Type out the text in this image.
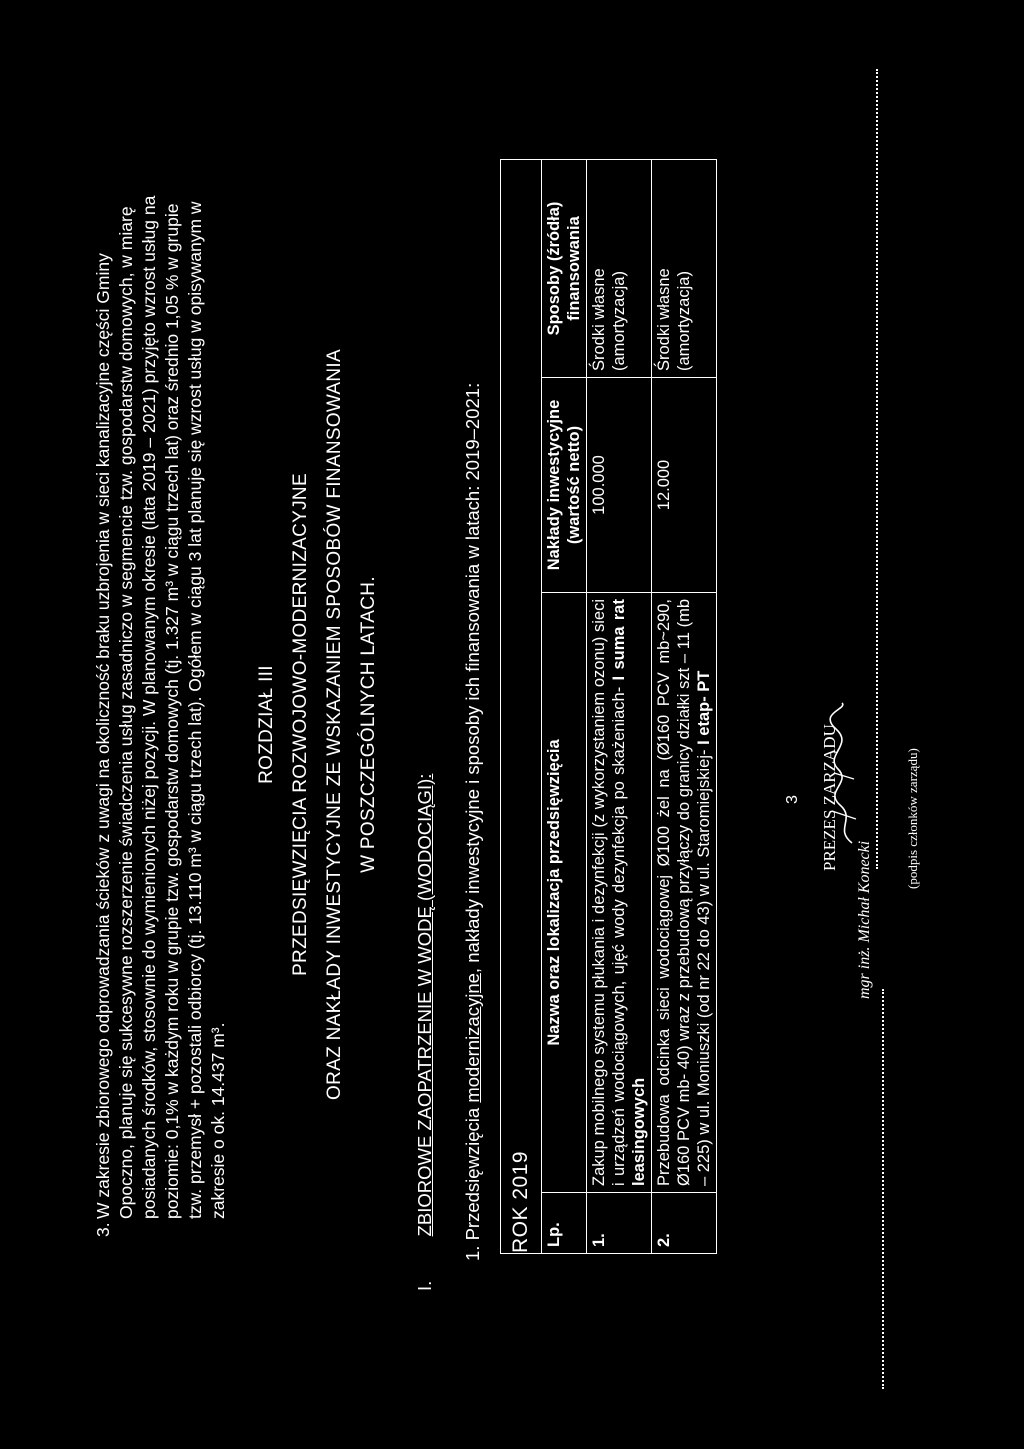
3.
W zakresie zbiorowego odprowadzania ścieków z uwagi na okoliczność braku uzbrojenia w sieci kanalizacyjne części Gminy Opoczno, planuje się sukcesywne rozszerzenie świadczenia usług zasadniczo w segmencie tzw. gospodarstw domowych, w miarę posiadanych środków, stosownie do wymienionych niżej pozycji. W planowanym okresie (lata 2019 – 2021) przyjęto wzrost usług na poziomie: 0,1% w każdym roku w grupie tzw. gospodarstw domowych (tj. 1.327 m³ w ciągu trzech lat) oraz średnio 1,05 % w grupie tzw. przemysł + pozostali odbiorcy (tj. 13.110 m³ w ciągu trzech lat). Ogółem w ciągu 3 lat planuje się wzrost usług w opisywanym w zakresie o ok. 14.437 m³.
ROZDZIAŁ III PRZEDSIĘWZIĘCIA ROZWOJOWO-MODERNIZACYJNE ORAZ NAKŁADY INWESTYCYJNE ZE WSKAZANIEM SPOSOBÓW FINANSOWANIA W POSZCZEGÓLNYCH LATACH.
I.  ZBIOROWE ZAOPATRZENIE W WODĘ (WODOCIĄGI): 1. Przedsięwzięcia modernizacyjne, nakłady inwestycyjne i sposoby ich finansowania w latach: 2019–2021:
ROK 2019 Lp.
Nazwa oraz lokalizacja przedsięwzięcia
Nakłady inwestycyjne (wartość netto)
Sposoby (źródła) finansowania
1.
Zakup mobilnego systemu płukania i dezynfekcji (z wykorzystaniem ozonu) sieci i urządzeń wodociągowych, ujęć wody dezynfekcja po skażeniach- I suma rat leasingowych
100.000
Środki własne (amortyzacja)
2.
Przebudowa odcinka sieci wodociągowej Ø100 żel na (Ø160 PCV mb~290, Ø160 PCV mb- 40) wraz z przebudową przyłączy do granicy działki szt – 11 (mb – 225) w ul. Moniuszki (od nr 22 do 43) w ul. Staromiejskiej- I etap- PT
12.000
Środki własne (amortyzacja)
3 PREZES ZARZĄDU
mgr inż. Michał Konecki
(podpis członków zarządu)
